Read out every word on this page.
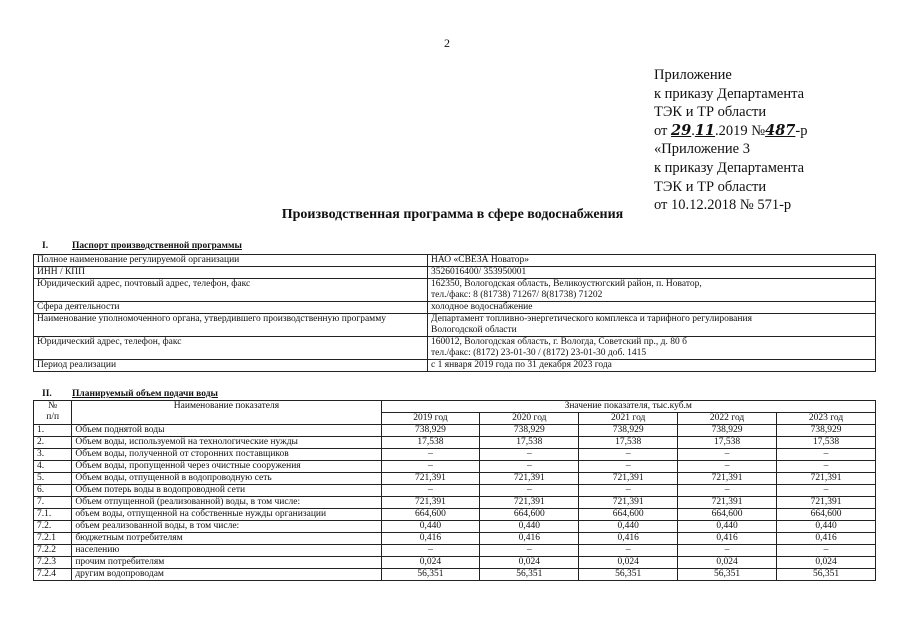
2
Приложение
к приказу Департамента
ТЭК и ТР области
от 29.11.2019 №487-р
«Приложение 3
к приказу Департамента
ТЭК и ТР области
от 10.12.2018 № 571-р
Производственная программа в сфере водоснабжения
I.	Паспорт производственной программы
Полное наименование регулируемой организации	НАО «СВЕЗА Новатор»

ИНН / КПП	3526016400/ 353950001

Юридический адрес, почтовый адрес, телефон, факс	162350, Вологодская область, Великоустюгский район, п. Новатор,
тел./факс: 8 (81738) 71267/ 8(81738) 71202

Сфера деятельности	холодное водоснабжение

Наименование уполномоченного органа, утвердившего производственную программу	Департамент топливно-энергетического комплекса и тарифного регулирования
Вологодской области

Юридический адрес, телефон, факс	160012, Вологодская область, г. Вологда, Советский пр., д. 80 б
тел./факс: (8172) 23-01-30 / (8172) 23-01-30 доб. 1415

Период реализации	с 1 января 2019 года по 31 декабря 2023 года
II. Планируемый объем подачи воды
№
п/п	Наименование показателя	Значение показателя, тыс.куб.м				
		2019 год	2020 год	2021 год	2022 год	2023 год
1.	Объем поднятой воды	738,929	738,929	738,929	738,929	738,929
2.	Объем воды, используемой на технологические нужды	17,538	17,538	17,538	17,538	17,538
3.	Объем воды, полученной от сторонних поставщиков	–	–	–	–	–
4.	Объем воды, пропущенной через очистные сооружения	–	–	–	–	–
5.	Объем воды, отпущенной в водопроводную сеть	721,391	721,391	721,391	721,391	721,391
6.	Объем потерь воды в водопроводной сети	–	–	–	–	–
7.	Объем отпущенной (реализованной) воды, в том числе:	721,391	721,391	721,391	721,391	721,391
7.1.	объем воды, отпущенной на собственные нужды организации	664,600	664,600	664,600	664,600	664,600
7.2.	объем реализованной воды, в том числе:	0,440	0,440	0,440	0,440	0,440
7.2.1	бюджетным потребителям	0,416	0,416	0,416	0,416	0,416
7.2.2	населению	–	–	–	–	–
7.2.3	прочим потребителям	0,024	0,024	0,024	0,024	0,024
7.2.4	другим водопроводам	56,351	56,351	56,351	56,351	56,351
